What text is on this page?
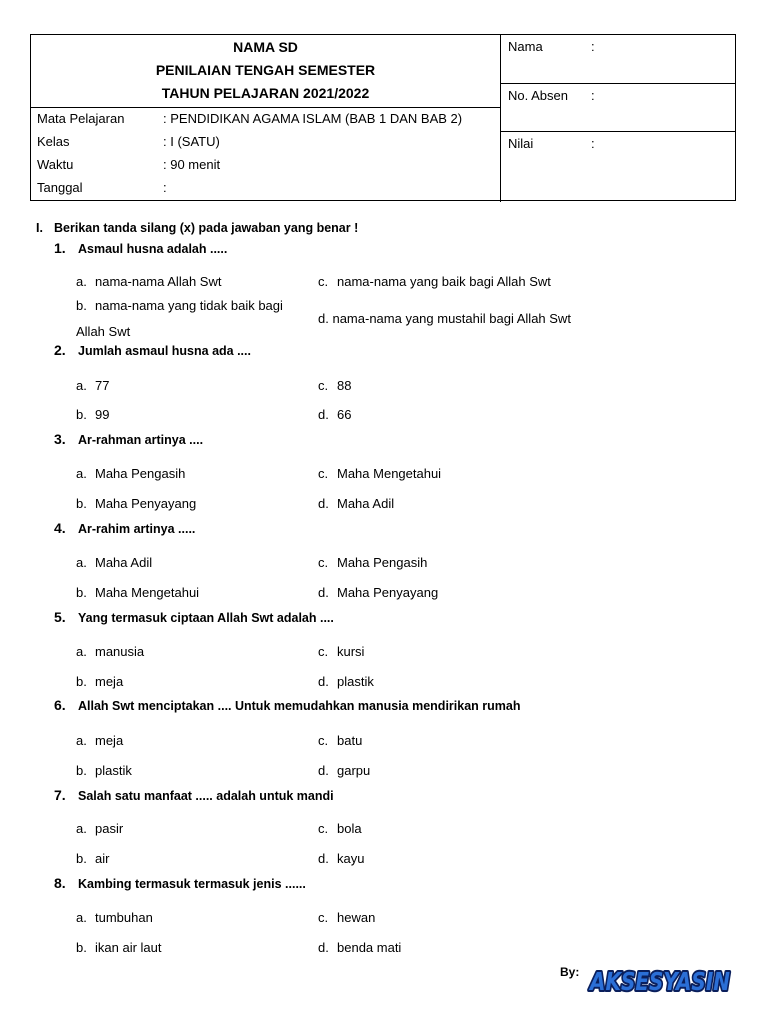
NAMA SD
PENILAIAN TENGAH SEMESTER
TAHUN PELAJARAN 2021/2022
Mata Pelajaran	: PENDIDIKAN AGAMA ISLAM (BAB 1 DAN BAB 2)
Kelas	: I (SATU)
Waktu	: 90 menit
Tanggal	:
Nama	:
No. Absen :
Nilai	:
I. Berikan tanda silang (x) pada jawaban yang benar !
1. Asmaul husna adalah .....
a. nama-nama Allah Swt	c. nama-nama yang baik bagi Allah Swt
b. nama-nama yang tidak baik bagi
Allah Swt
d. nama-nama yang mustahil bagi Allah Swt
2. Jumlah asmaul husna ada ....
a. 77	c. 88
b. 99	d. 66
3. Ar-rahman artinya ....
a. Maha Pengasih	c. Maha Mengetahui
b. Maha Penyayang	d. Maha Adil
4. Ar-rahim artinya .....
a. Maha Adil	c. Maha Pengasih
b. Maha Mengetahui	d. Maha Penyayang
5. Yang termasuk ciptaan Allah Swt adalah ....
a. manusia	c. kursi
b. meja	d. plastik
6. Allah Swt menciptakan .... Untuk memudahkan manusia mendirikan rumah
a. meja	c. batu
b. plastik	d. garpu
7. Salah satu manfaat ..... adalah untuk mandi
a. pasir	c. bola
b. air	d. kayu
8. Kambing termasuk termasuk jenis ......
a. tumbuhan	c. hewan
b. ikan air laut	d. benda mati
By: AKSESYASIN
